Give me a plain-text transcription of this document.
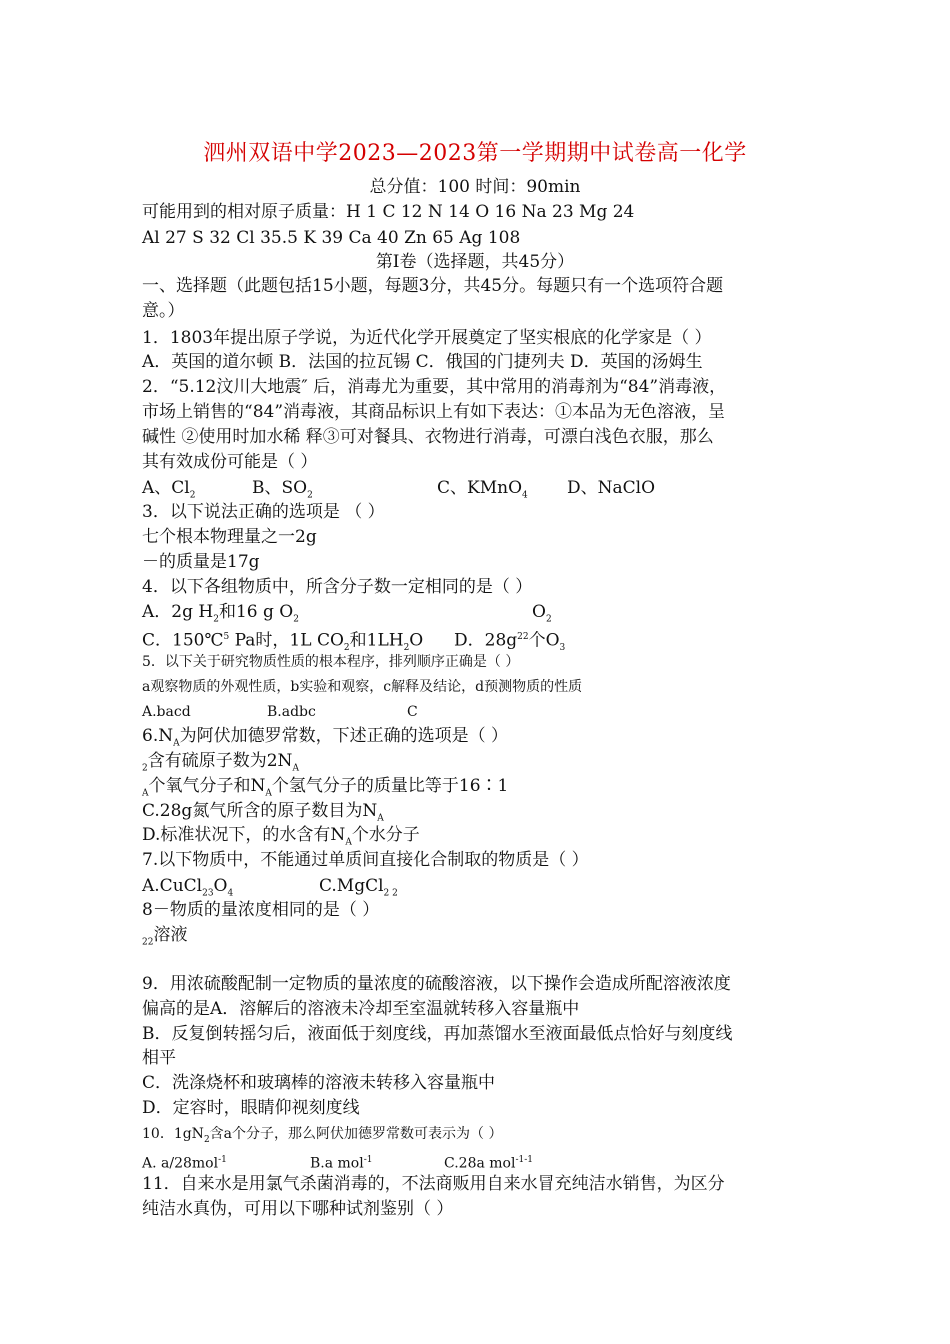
泗州双语中学2023—2023第一学期期中试卷高一化学
总分值：100 时间：90min
可能用到的相对原子质量：H 1 C 12 N 14 O 16 Na 23 Mg 24
Al 27 S 32 Cl 35.5 K 39 Ca 40 Zn 65 Ag 108
第Ⅰ卷（选择题，共45分）
一、选择题（此题包括15小题，每题3分，共45分。每题只有一个选项符合题
意。）
1．1803年提出原子学说，为近代化学开展奠定了坚实根底的化学家是（ ）
A．英国的道尔顿 B．法国的拉瓦锡 C．俄国的门捷列夫 D．英国的汤姆生
2．“5.12汶川大地震″ 后，消毒尤为重要，其中常用的消毒剂为“84”消毒液，
市场上销售的“84”消毒液，其商品标识上有如下表达：①本品为无色溶液，呈
碱性 ②使用时加水稀 释③可对餐具、衣物进行消毒，可漂白浅色衣服，那么
其有效成份可能是（ ）
A、$Cl_2$	B、$SO_2$	C、KMnO$_4$ D、NaClO
3．以下说法正确的选项是 （ ）
七个根本物理量之一2g
－的质量是17g
4．以下各组物质中，所含分子数一定相同的是（ ）
A．2g $H_2$和16 g $O_2$	$O_2$
C．150℃$^5$ Pa时，1L $CO_2$和$1LH_2O$ D．$28g^{22}$个$O_3$
5．以下关于研究物质性质的根本程序，排列顺序正确是（ ）
a观察物质的外观性质，b实验和观察，c解释及结论，d预测物质的性质
A.bacd	B.adbc	C
$6.N_A$为阿伏加德罗常数，下述正确的选项是（ ）
$_2$含有硫原子数为$2N_A$
$_A$个氧气分子和$N_A$个氢气分子的质量比等于16∶1
C.28g氮气所含的原子数目为$N_A$
D.标准状况下，的水含有$N_A$个水分子
7.以下物质中，不能通过单质间直接化合制取的物质是（ ）
$A.CuCl_{23}O_4$	C.MgCl$_{2 2}$
8－物质的量浓度相同的是（ ）
$_{22}$溶液
9．用浓硫酸配制一定物质的量浓度的硫酸溶液，以下操作会造成所配溶液浓度
偏高的是A．溶解后的溶液未冷却至室温就转移入容量瓶中
B．反复倒转摇匀后，液面低于刻度线，再加蒸馏水至液面最低点恰好与刻度线
相平
C．洗涤烧杯和玻璃棒的溶液未转移入容量瓶中
D．定容时，眼睛仰视刻度线
10．$1gN_2$含a个分子，那么阿伏加德罗常数可表示为（ ）
A. a/28mol$^{-1}$	B.a mol$^{-1}$	C.28a mol$^{-1-1}$
11．自来水是用氯气杀菌消毒的，不法商贩用自来水冒充纯洁水销售，为区分
纯洁水真伪，可用以下哪种试剂鉴别（ ）
